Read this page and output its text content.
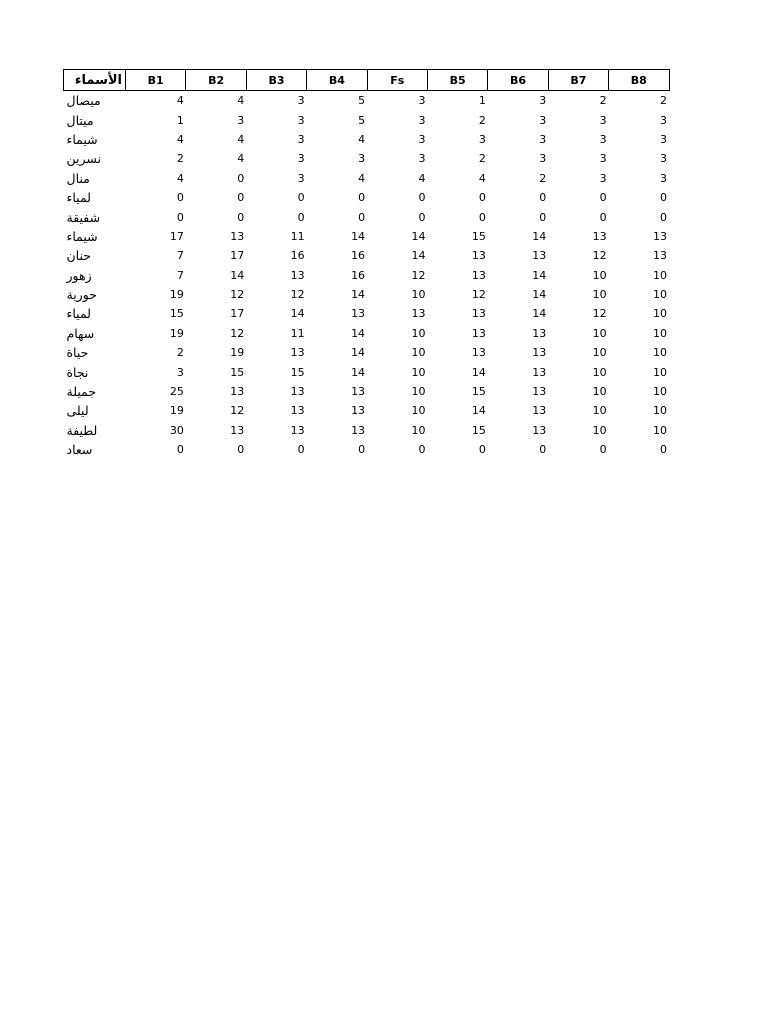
الأسماء	B1	B2	B3	B4	Fs	B5	B6	B7	B8
ميصال	4	4	3	5	3	1	3	2	2
ميتال	1	3	3	5	3	2	3	3	3
شيماء	4	4	3	4	3	3	3	3	3
نسرين	2	4	3	3	3	2	3	3	3
منال	4	0	3	4	4	4	2	3	3
لمياء	0	0	0	0	0	0	0	0	0
شفيقة	0	0	0	0	0	0	0	0	0
شيماء	17	13	11	14	14	15	14	13	13
حنان	7	17	16	16	14	13	13	12	13
زهور	7	14	13	16	12	13	14	10	10
حورية	19	12	12	14	10	12	14	10	10
لمياء	15	17	14	13	13	13	14	12	10
سهام	19	12	11	14	10	13	13	10	10
حياة	2	19	13	14	10	13	13	10	10
نجاة	3	15	15	14	10	14	13	10	10
جميلة	25	13	13	13	10	15	13	10	10
ليلى	19	12	13	13	10	14	13	10	10
لطيفة	30	13	13	13	10	15	13	10	10
سعاد	0	0	0	0	0	0	0	0	0
